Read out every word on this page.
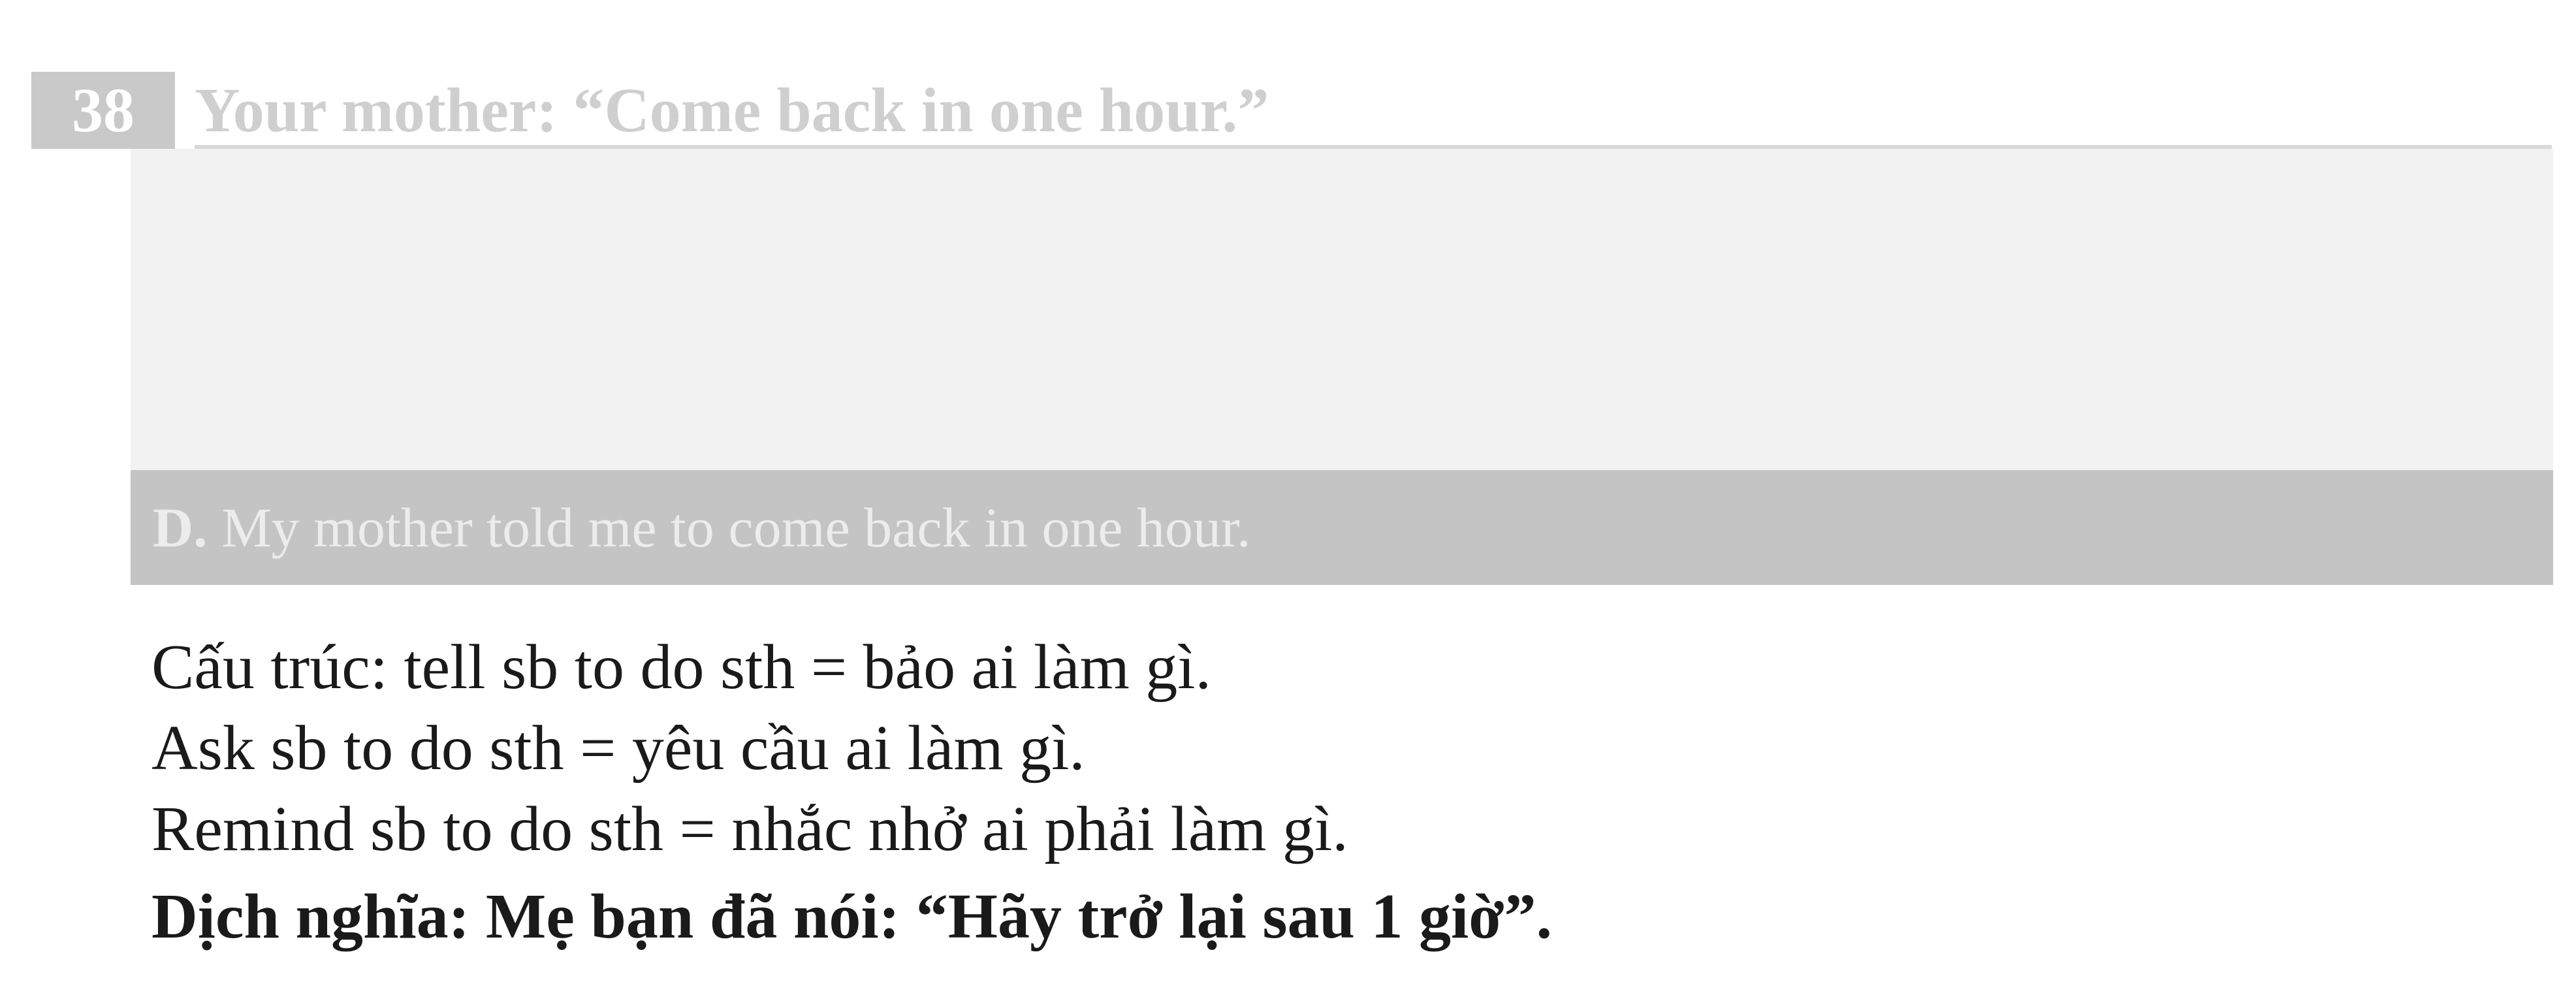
38 Your mother: “Come back in one hour.”
D. My mother told me to come back in one hour.
Cấu trúc: tell sb to do sth = bảo ai làm gì.
Ask sb to do sth = yêu cầu ai làm gì.
Remind sb to do sth = nhắc nhở ai phải làm gì.
Dịch nghĩa: Mẹ bạn đã nói: “Hãy trở lại sau 1 giờ”.
